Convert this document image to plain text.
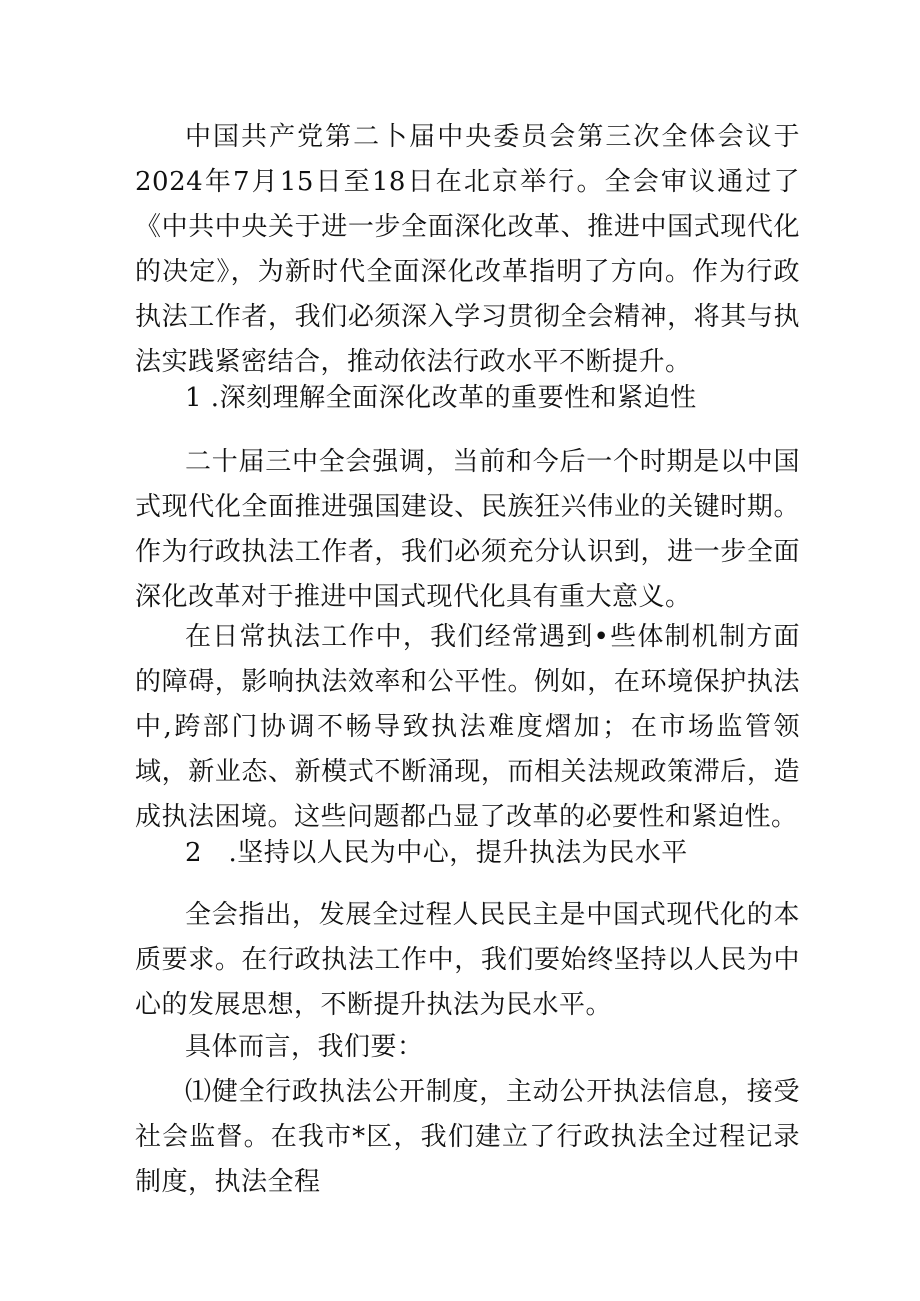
中国共产党第二卜届中央委员会第三次全体会议于2024年7月15日至18日在北京举行。全会审议通过了《中共中央关于进一步全面深化改革、推进中国式现代化的决定》，为新时代全面深化改革指明了方向。作为行政执法工作者，我们必须深入学习贯彻全会精神，将其与执法实践紧密结合，推动依法行政水平不断提升。

1 .深刻理解全面深化改革的重要性和紧迫性

二十届三中全会强调，当前和今后一个时期是以中国式现代化全面推进强国建设、民族狂兴伟业的关键时期。作为行政执法工作者，我们必须充分认识到，进一步全面深化改革对于推进中国式现代化具有重大意义。

在日常执法工作中，我们经常遇到•些体制机制方面的障碍，影响执法效率和公平性。例如，在环境保护执法中,跨部门协调不畅导致执法难度熠加；在市场监管领域，新业态、新模式不断涌现，而相关法规政策滞后，造成执法困境。这些问题都凸显了改革的必要性和紧迫性。

2　.坚持以人民为中心，提升执法为民水平

全会指出，发展全过程人民民主是中国式现代化的本质要求。在行政执法工作中，我们要始终坚持以人民为中心的发展思想，不断提升执法为民水平。

具体而言，我们要：

⑴健全行政执法公开制度，主动公开执法信息，接受社会监督。在我市*区，我们建立了行政执法全过程记录制度，执法全程
